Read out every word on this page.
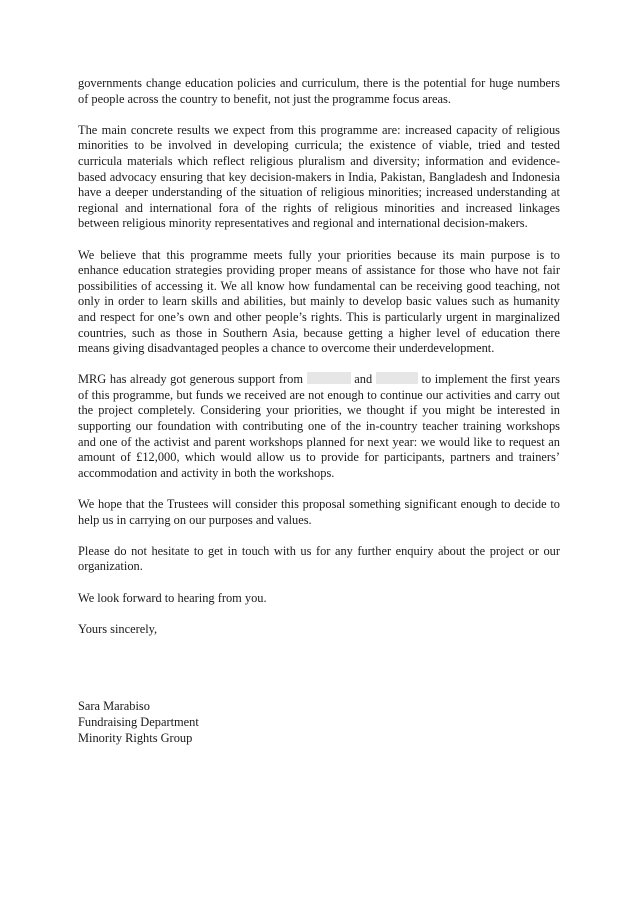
governments change education policies and curriculum, there is the potential for huge numbers of people across the country to benefit, not just the programme focus areas.

The main concrete results we expect from this programme are: increased capacity of religious minorities to be involved in developing curricula; the existence of viable, tried and tested curricula materials which reflect religious pluralism and diversity; information and evidence-based advocacy ensuring that key decision-makers in India, Pakistan, Bangladesh and Indonesia have a deeper understanding of the situation of religious minorities; increased understanding at regional and international fora of the rights of religious minorities and increased linkages between religious minority representatives and regional and international decision-makers.

We believe that this programme meets fully your priorities because its main purpose is to enhance education strategies providing proper means of assistance for those who have not fair possibilities of accessing it. We all know how fundamental can be receiving good teaching, not only in order to learn skills and abilities, but mainly to develop basic values such as humanity and respect for one’s own and other people’s rights. This is particularly urgent in marginalized countries, such as those in Southern Asia, because getting a higher level of education there means giving disadvantaged peoples a chance to overcome their underdevelopment.

MRG has already got generous support from	and	to implement the first years of this programme, but funds we received are not enough to continue our activities and carry out the project completely. Considering your priorities, we thought if you might be interested in supporting our foundation with contributing one of the in-country teacher training workshops and one of the activist and parent workshops planned for next year: we would like to request an amount of £12,000, which would allow us to provide for participants, partners and trainers’ accommodation and activity in both the workshops.

We hope that the Trustees will consider this proposal something significant enough to decide to help us in carrying on our purposes and values.

Please do not hesitate to get in touch with us for any further enquiry about the project or our organization.

We look forward to hearing from you.

Yours sincerely,
Sara Marabiso
Fundraising Department
Minority Rights Group
